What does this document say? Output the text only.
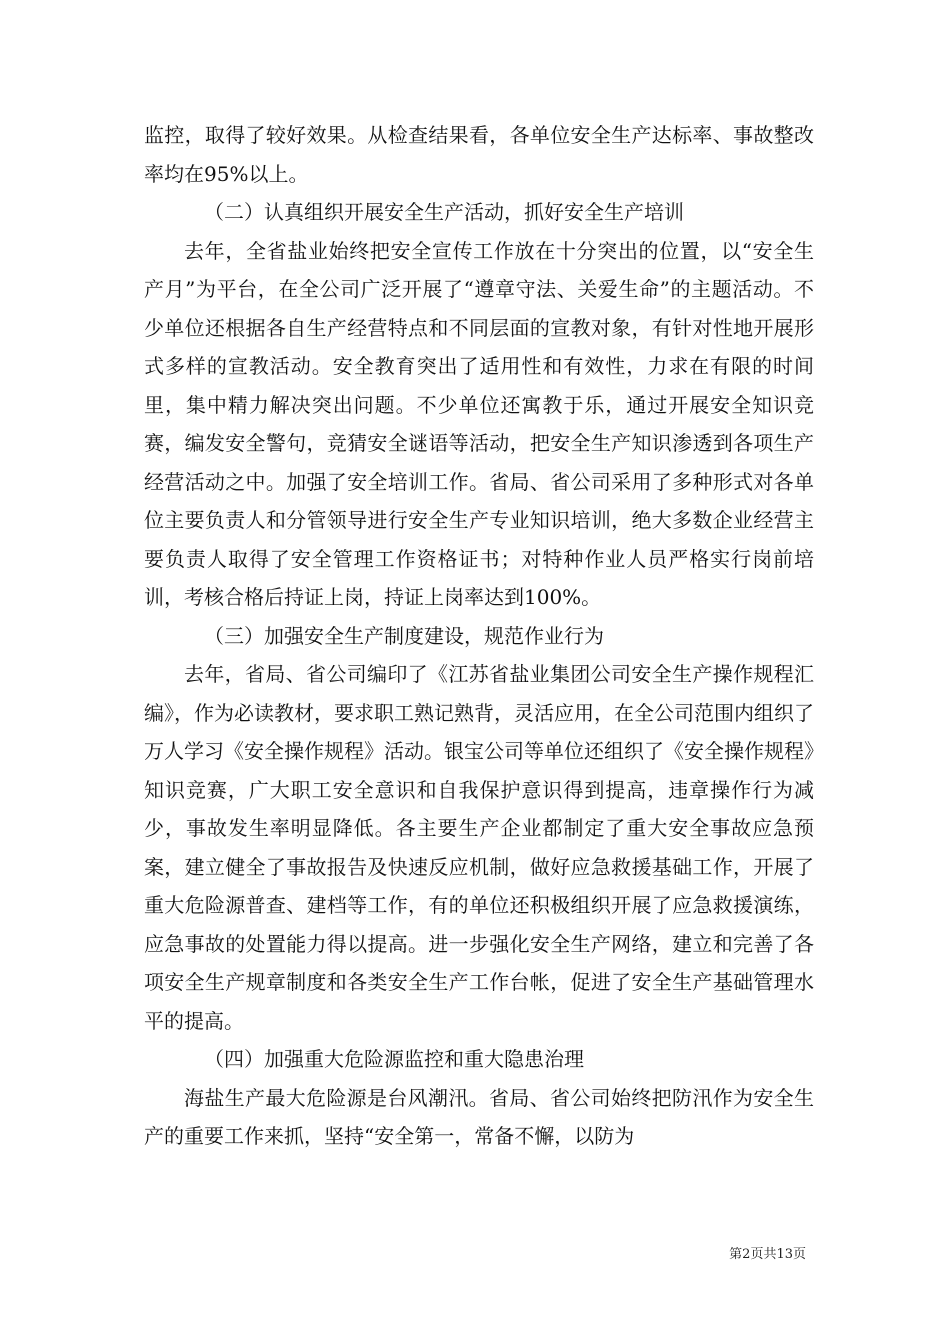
监控，取得了较好效果。从检查结果看，各单位安全生产达标率、事故整改率均在95%以上。

（二）认真组织开展安全生产活动，抓好安全生产培训

去年，全省盐业始终把安全宣传工作放在十分突出的位置，以“安全生产月”为平台，在全公司广泛开展了“遵章守法、关爱生命”的主题活动。不少单位还根据各自生产经营特点和不同层面的宣教对象，有针对性地开展形式多样的宣教活动。安全教育突出了适用性和有效性，力求在有限的时间里，集中精力解决突出问题。不少单位还寓教于乐，通过开展安全知识竞赛，编发安全警句，竞猜安全谜语等活动，把安全生产知识渗透到各项生产经营活动之中。加强了安全培训工作。省局、省公司采用了多种形式对各单位主要负责人和分管领导进行安全生产专业知识培训，绝大多数企业经营主要负责人取得了安全管理工作资格证书；对特种作业人员严格实行岗前培训，考核合格后持证上岗，持证上岗率达到100%。

（三）加强安全生产制度建设，规范作业行为

去年，省局、省公司编印了《江苏省盐业集团公司安全生产操作规程汇编》，作为必读教材，要求职工熟记熟背，灵活应用，在全公司范围内组织了万人学习《安全操作规程》活动。银宝公司等单位还组织了《安全操作规程》知识竞赛，广大职工安全意识和自我保护意识得到提高，违章操作行为减少，事故发生率明显降低。各主要生产企业都制定了重大安全事故应急预案，建立健全了事故报告及快速反应机制，做好应急救援基础工作，开展了重大危险源普查、建档等工作，有的单位还积极组织开展了应急救援演练，应急事故的处置能力得以提高。进一步强化安全生产网络，建立和完善了各项安全生产规章制度和各类安全生产工作台帐，促进了安全生产基础管理水平的提高。

（四）加强重大危险源监控和重大隐患治理

海盐生产最大危险源是台风潮汛。省局、省公司始终把防汛作为安全生产的重要工作来抓，坚持“安全第一，常备不懈，以防为

第2页共13页
